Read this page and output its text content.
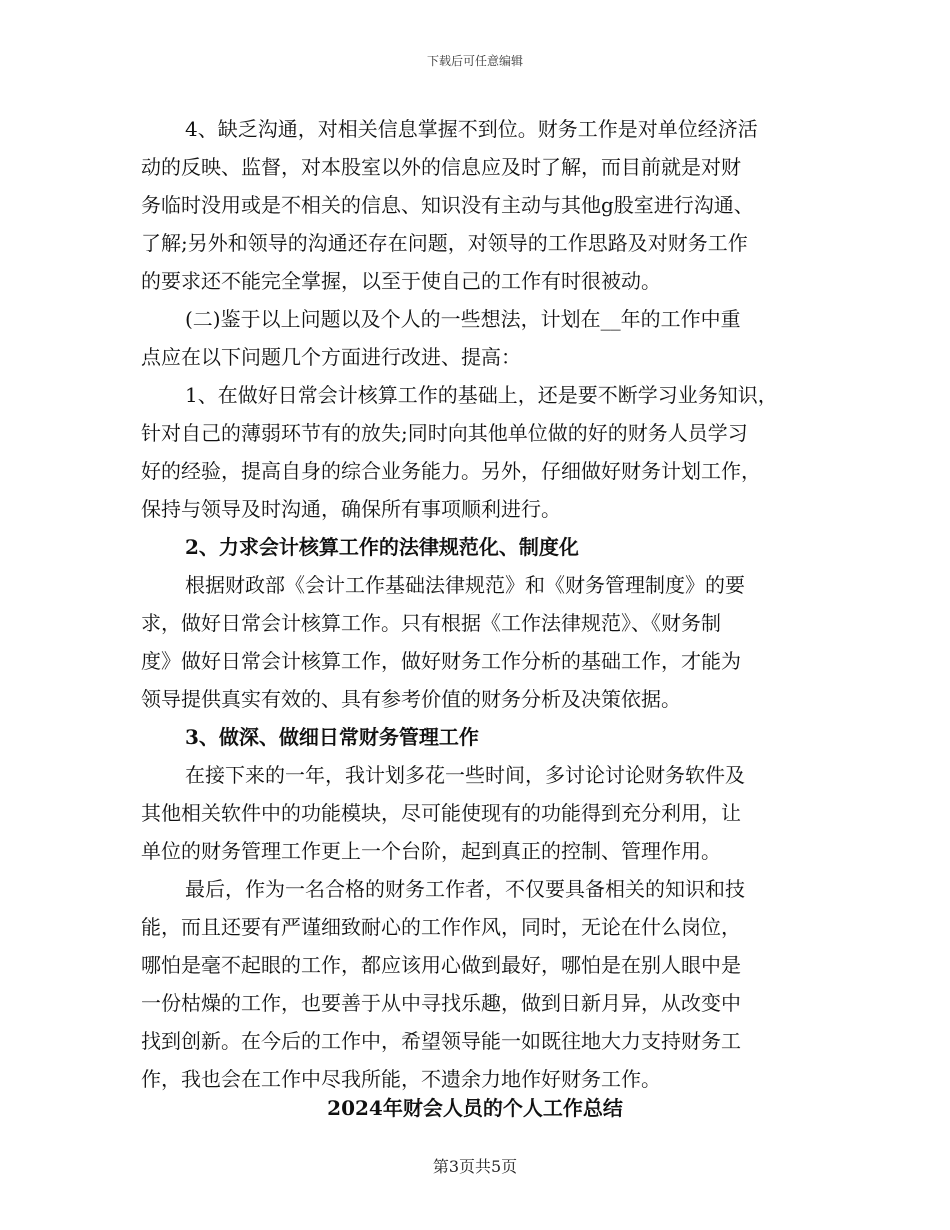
下载后可任意编辑
4、缺乏沟通，对相关信息掌握不到位。财务工作是对单位经济活
动的反映、监督，对本股室以外的信息应及时了解，而目前就是对财
务临时没用或是不相关的信息、知识没有主动与其他g股室进行沟通、
了解;另外和领导的沟通还存在问题，对领导的工作思路及对财务工作
的要求还不能完全掌握，以至于使自己的工作有时很被动。
(二)鉴于以上问题以及个人的一些想法，计划在__年的工作中重
点应在以下问题几个方面进行改进、提高：
1、在做好日常会计核算工作的基础上，还是要不断学习业务知识，
针对自己的薄弱环节有的放失;同时向其他单位做的好的财务人员学习
好的经验，提高自身的综合业务能力。另外，仔细做好财务计划工作，
保持与领导及时沟通，确保所有事项顺利进行。
2、力求会计核算工作的法律规范化、制度化
根据财政部《会计工作基础法律规范》和《财务管理制度》的要
求，做好日常会计核算工作。只有根据《工作法律规范》、《财务制
度》做好日常会计核算工作，做好财务工作分析的基础工作，才能为
领导提供真实有效的、具有参考价值的财务分析及决策依据。
3、做深、做细日常财务管理工作
在接下来的一年，我计划多花一些时间，多讨论讨论财务软件及
其他相关软件中的功能模块，尽可能使现有的功能得到充分利用，让
单位的财务管理工作更上一个台阶，起到真正的控制、管理作用。
最后，作为一名合格的财务工作者，不仅要具备相关的知识和技
能，而且还要有严谨细致耐心的工作作风，同时，无论在什么岗位，
哪怕是毫不起眼的工作，都应该用心做到最好，哪怕是在别人眼中是
一份枯燥的工作，也要善于从中寻找乐趣，做到日新月异，从改变中
找到创新。在今后的工作中，希望领导能一如既往地大力支持财务工
作，我也会在工作中尽我所能，不遗余力地作好财务工作。
2024年财会人员的个人工作总结
第3页共5页
